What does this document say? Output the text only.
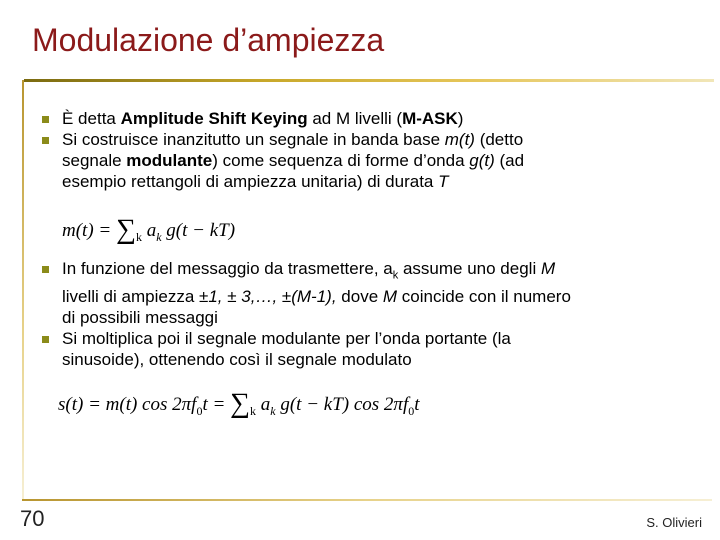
Modulazione d’ampiezza
È detta Amplitude Shift Keying ad M livelli (M-ASK)
Si costruisce inanzitutto un segnale in banda base m(t) (detto
segnale modulante) come sequenza di forme d’onda g(t) (ad
esempio rettangoli di ampiezza unitaria) di durata T
$m(t) = \sum_k$ $a_k$ g(t − kT)
In funzione del messaggio da trasmettere, $a_k$ assume uno degli M
livelli di ampiezza ±1, ± 3,…, ±(M-1), dove M coincide con il numero
di possibili messaggi
Si moltiplica poi il segnale modulante per l’onda portante (la
sinusoide), ottenendo così il segnale modulato
s(t) = m(t) $\cos 2\pi f_0t = \sum_k$ $a_k$ g(t − kT) $\cos 2\pi f_0t$
70	S. Olivieri
